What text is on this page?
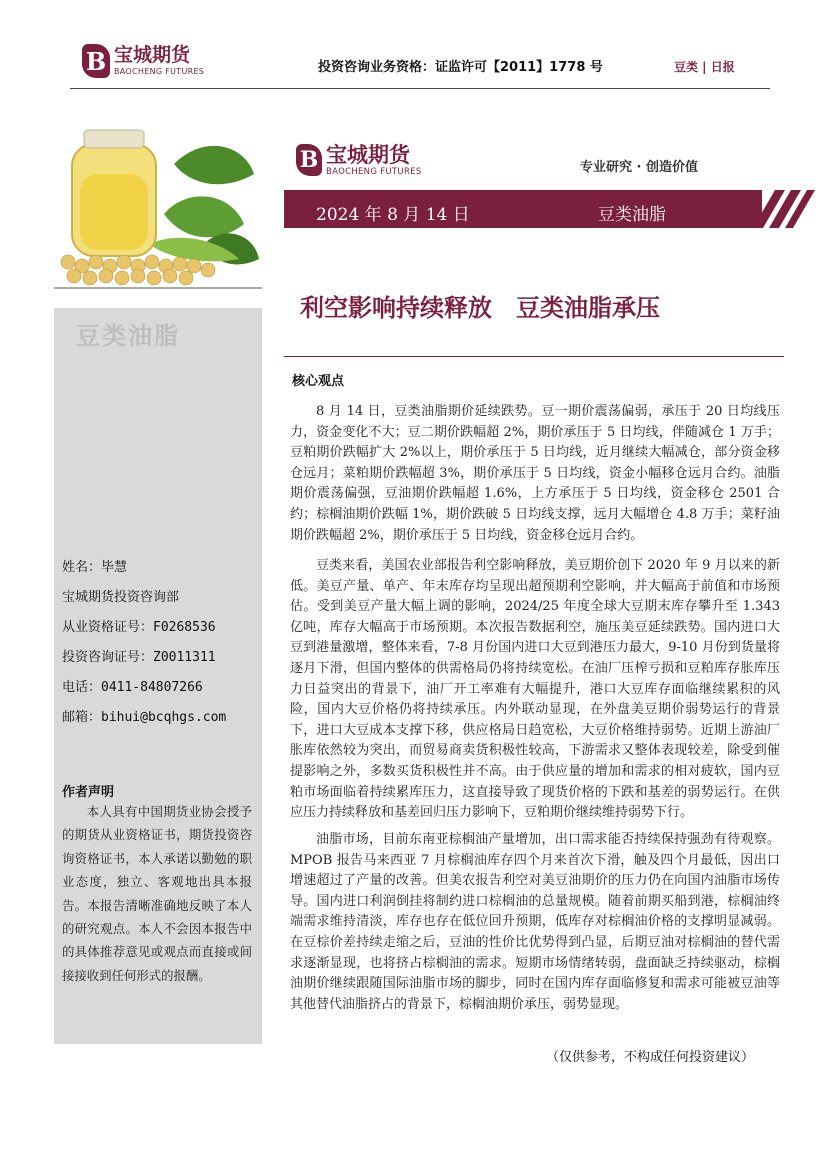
B 宝城期货
BAOCHENG FUTURES	投资咨询业务资格：证监许可【2011】1778 号	豆类 | 日报
豆类油脂
姓名：毕慧
宝城期货投资咨询部
从业资格证号：F0268536
投资咨询证号：Z0011311
电话：0411-84807266
邮箱：bihui@bcqhgs.com
作者声明
本人具有中国期货业协会授予的期货从业资格证书，期货投资咨询资格证书，本人承诺以勤勉的职业态度，独立、客观地出具本报告。本报告清晰准确地反映了本人的研究观点。本人不会因本报告中的具体推荐意见或观点而直接或间接接收到任何形式的报酬。
B 宝城期货
BAOCHENG FUTURES	专业研究 · 创造价值
2024 年 8 月 14 日	豆类油脂
利空影响持续释放　豆类油脂承压
核心观点
8 月 14 日，豆类油脂期价延续跌势。豆一期价震荡偏弱，承压于 20 日均线压力，资金变化不大；豆二期价跌幅超 2%，期价承压于 5 日均线，伴随减仓 1 万手；豆粕期价跌幅扩大 2%以上，期价承压于 5 日均线，近月继续大幅减仓，部分资金移仓远月；菜粕期价跌幅超 3%，期价承压于 5 日均线，资金小幅移仓远月合约。油脂期价震荡偏强，豆油期价跌幅超 1.6%，上方承压于 5 日均线，资金移仓 2501 合约；棕榈油期价跌幅 1%，期价跌破 5 日均线支撑，远月大幅增仓 4.8 万手；菜籽油期价跌幅超 2%，期价承压于 5 日均线，资金移仓远月合约。
豆类来看，美国农业部报告利空影响释放，美豆期价创下 2020 年 9 月以来的新低。美豆产量、单产、年末库存均呈现出超预期利空影响，并大幅高于前值和市场预估。受到美豆产量大幅上调的影响，2024/25 年度全球大豆期末库存攀升至 1.343 亿吨，库存大幅高于市场预期。本次报告数据利空，施压美豆延续跌势。国内进口大豆到港量激增，整体来看，7-8 月份国内进口大豆到港压力最大，9-10 月份到货量将逐月下滑，但国内整体的供需格局仍将持续宽松。在油厂压榨亏损和豆粕库存胀库压力日益突出的背景下，油厂开工率难有大幅提升，港口大豆库存面临继续累积的风险，国内大豆价格仍将持续承压。内外联动显现，在外盘美豆期价弱势运行的背景下，进口大豆成本支撑下移，供应格局日趋宽松，大豆价格维持弱势。近期上游油厂胀库依然较为突出，而贸易商卖货积极性较高，下游需求又整体表现较差，除受到催提影响之外，多数买货积极性并不高。由于供应量的增加和需求的相对疲软，国内豆粕市场面临着持续累库压力，这直接导致了现货价格的下跌和基差的弱势运行。在供应压力持续释放和基差回归压力影响下，豆粕期价继续维持弱势下行。
油脂市场，目前东南亚棕榈油产量增加，出口需求能否持续保持强劲有待观察。MPOB 报告马来西亚 7 月棕榈油库存四个月来首次下滑，触及四个月最低，因出口增速超过了产量的改善。但美农报告利空对美豆油期价的压力仍在向国内油脂市场传导。国内进口利润倒挂将制约进口棕榈油的总量规模。随着前期买船到港，棕榈油终端需求维持清淡，库存也存在低位回升预期，低库存对棕榈油价格的支撑明显减弱。在豆棕价差持续走缩之后，豆油的性价比优势得到凸显，后期豆油对棕榈油的替代需求逐渐显现，也将挤占棕榈油的需求。短期市场情绪转弱，盘面缺乏持续驱动，棕榈油期价继续跟随国际油脂市场的脚步，同时在国内库存面临修复和需求可能被豆油等其他替代油脂挤占的背景下，棕榈油期价承压，弱势显现。
（仅供参考，不构成任何投资建议）
